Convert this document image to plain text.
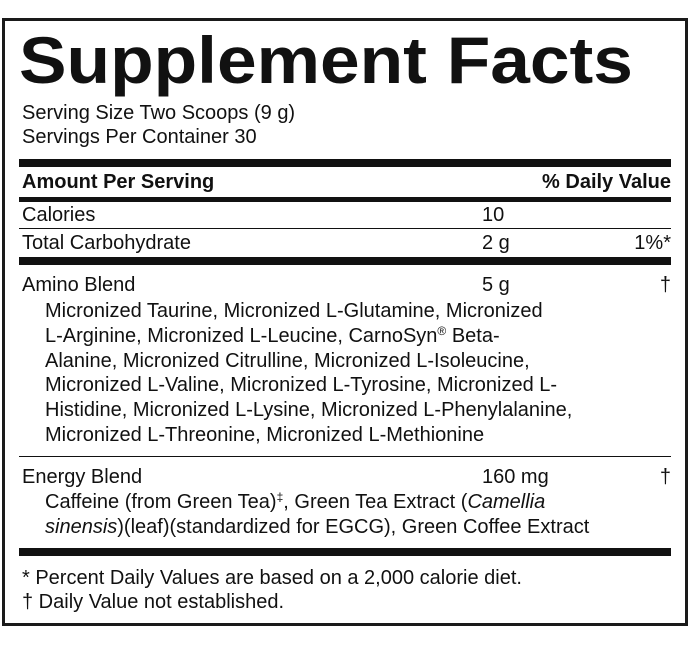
Supplement Facts
Serving Size Two Scoops (9 g)
Servings Per Container 30
Amount Per Serving	% Daily Value
Calories	10
Total Carbohydrate	2 g	1%*
Amino Blend	5 g	†

Micronized Taurine, Micronized L-Glutamine, Micronized

L-Arginine, Micronized L-Leucine, CarnoSyn® Beta-

Alanine, Micronized Citrulline, Micronized L-Isoleucine,

Micronized L-Valine, Micronized L-Tyrosine, Micronized L-

Histidine, Micronized L-Lysine, Micronized L-Phenylalanine,

Micronized L-Threonine, Micronized L-Methionine

Energy Blend	160 mg	†

Caffeine (from Green Tea)‡, Green Tea Extract (Camellia

sinensis)(leaf)(standardized for EGCG), Green Coffee Extract

* Percent Daily Values are based on a 2,000 calorie diet.
† Daily Value not established.
